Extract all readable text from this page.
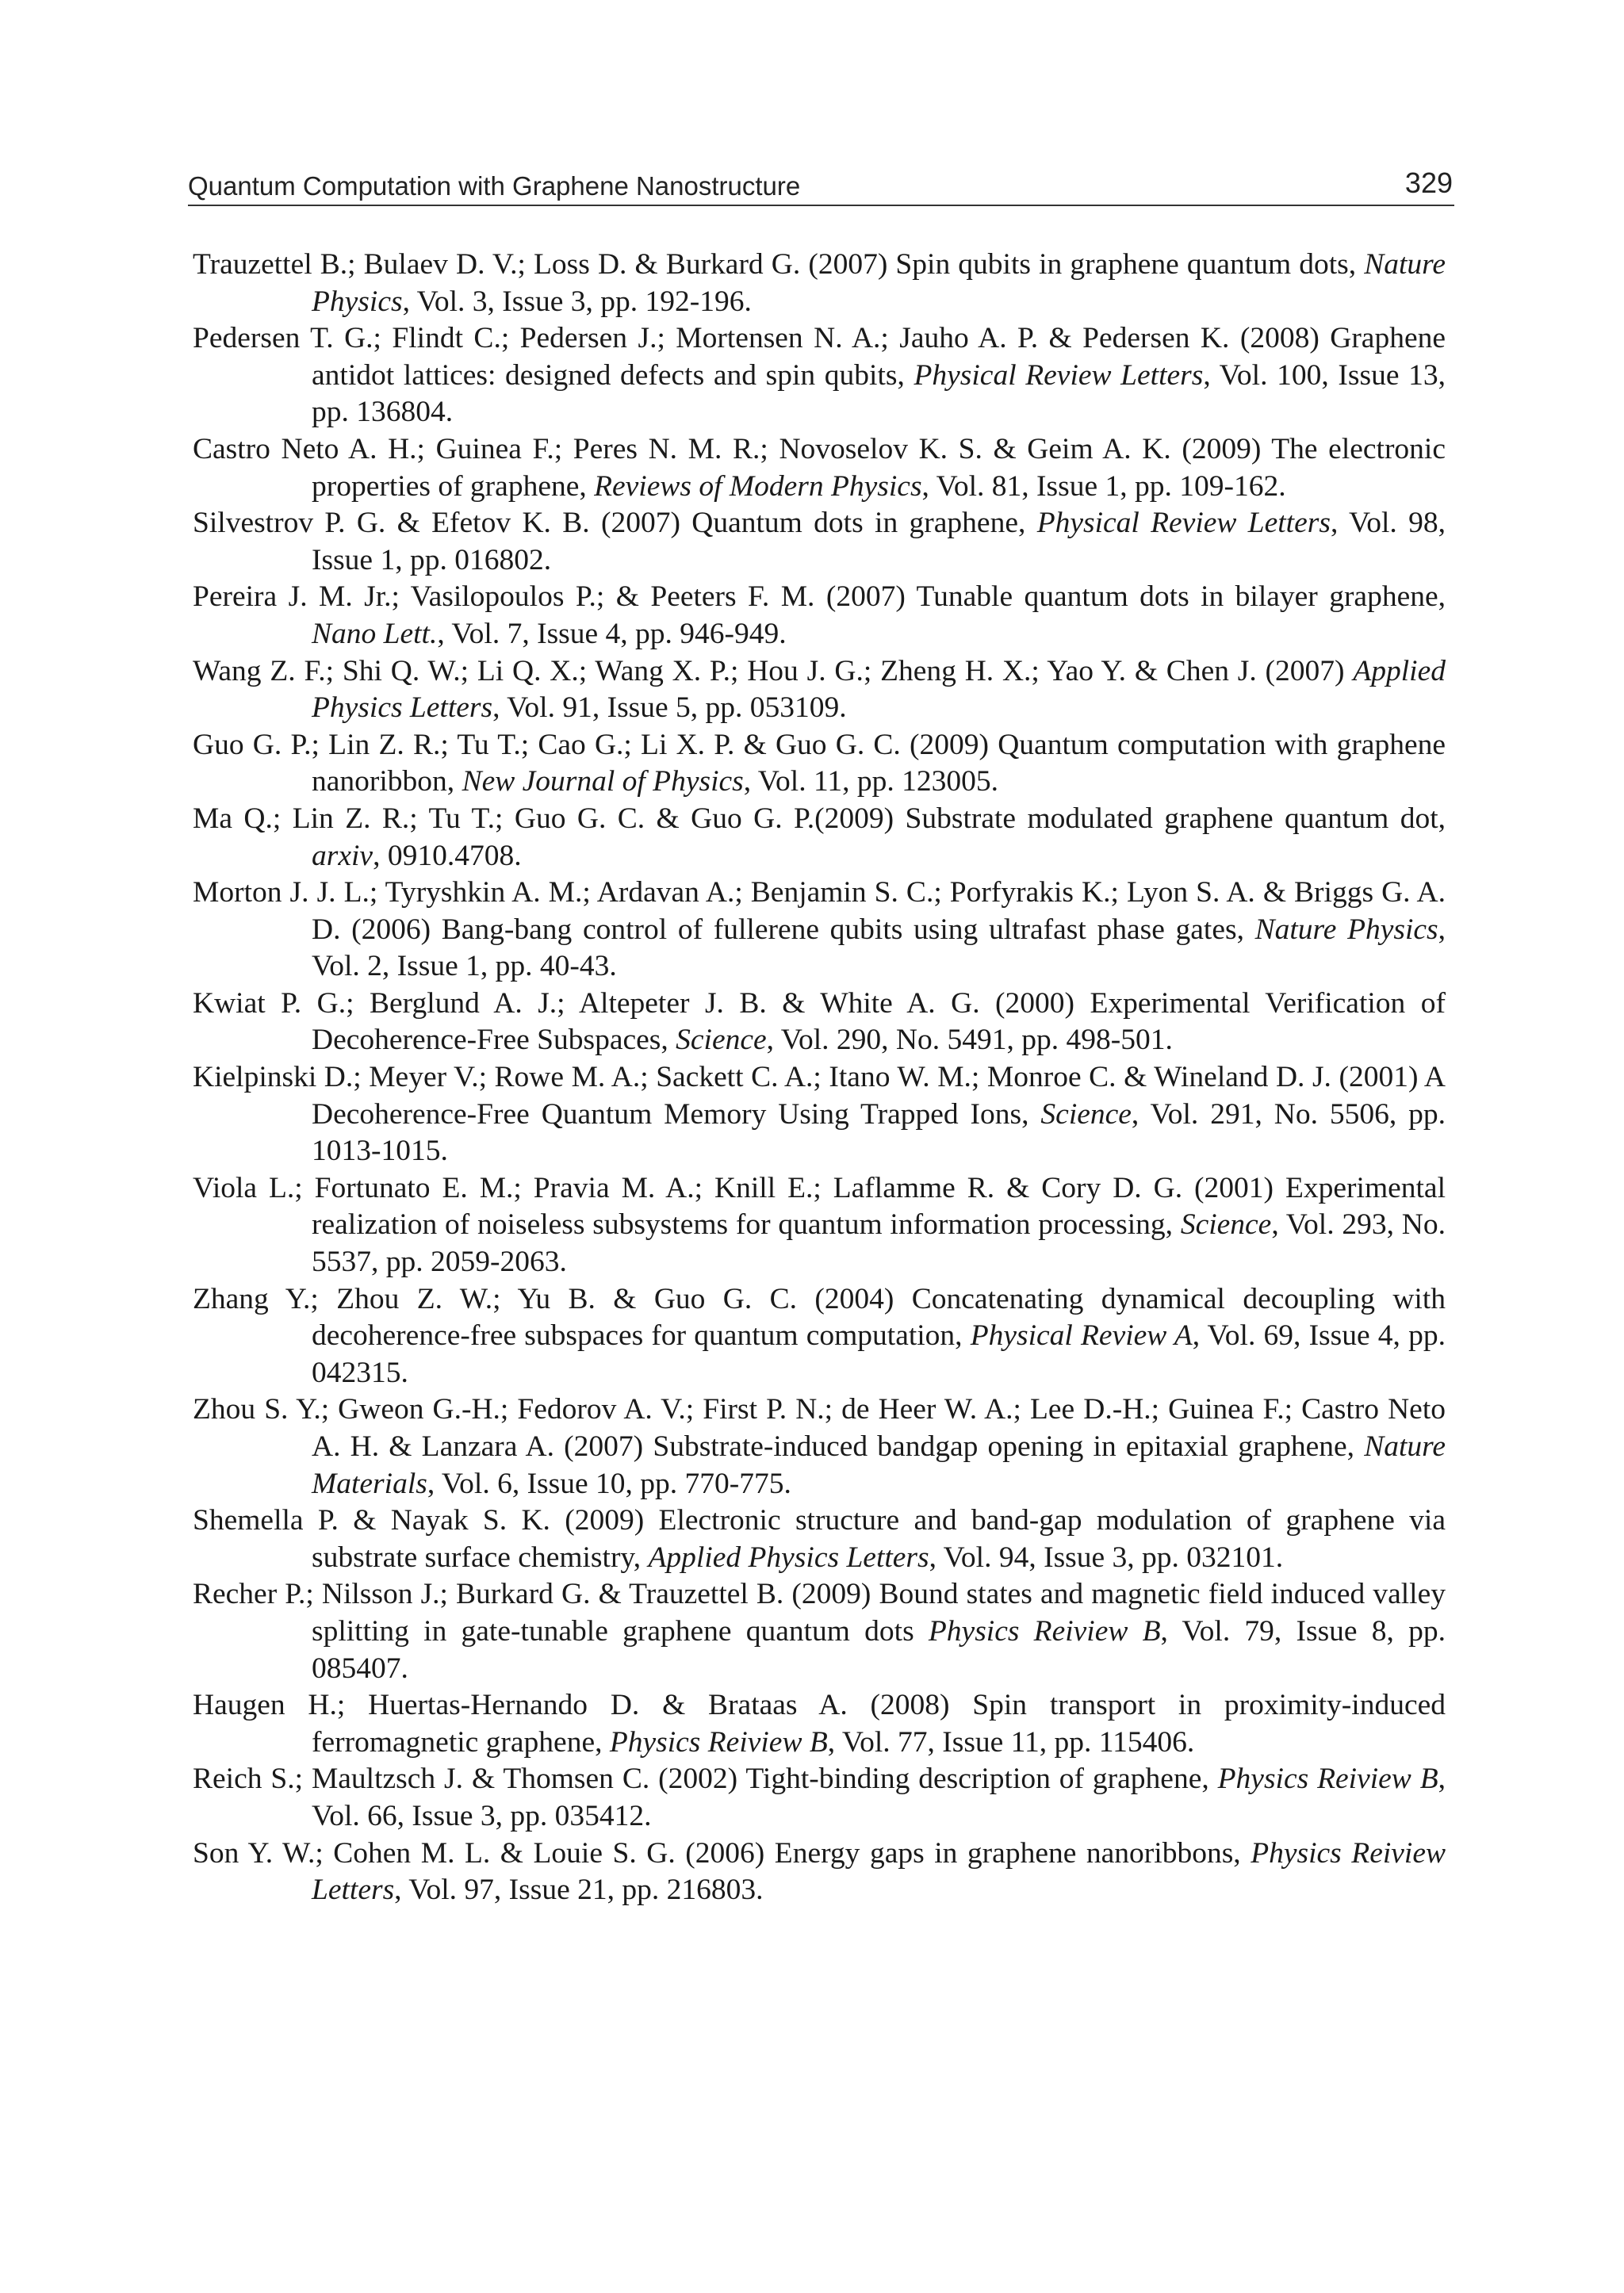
Quantum Computation with Graphene Nanostructure	329
Trauzettel B.; Bulaev D. V.; Loss D. & Burkard G. (2007) Spin qubits in graphene quantum dots, Nature Physics, Vol. 3, Issue 3, pp. 192-196.
Pedersen T. G.; Flindt C.; Pedersen J.; Mortensen N. A.; Jauho A. P. & Pedersen K. (2008) Graphene antidot lattices: designed defects and spin qubits, Physical Review Letters, Vol. 100, Issue 13, pp. 136804.
Castro Neto A. H.; Guinea F.; Peres N. M. R.; Novoselov K. S. & Geim A. K. (2009) The electronic properties of graphene, Reviews of Modern Physics, Vol. 81, Issue 1, pp. 109-162.
Silvestrov P. G. & Efetov K. B. (2007) Quantum dots in graphene, Physical Review Letters, Vol. 98, Issue 1, pp. 016802.
Pereira J. M. Jr.; Vasilopoulos P.; & Peeters F. M. (2007) Tunable quantum dots in bilayer graphene, Nano Lett., Vol. 7, Issue 4, pp. 946-949.
Wang Z. F.; Shi Q. W.; Li Q. X.; Wang X. P.; Hou J. G.; Zheng H. X.; Yao Y. & Chen J. (2007) Applied Physics Letters, Vol. 91, Issue 5, pp. 053109.
Guo G. P.; Lin Z. R.; Tu T.; Cao G.; Li X. P. & Guo G. C. (2009) Quantum computation with graphene nanoribbon, New Journal of Physics, Vol. 11, pp. 123005.
Ma Q.; Lin Z. R.; Tu T.; Guo G. C. & Guo G. P.(2009) Substrate modulated graphene quantum dot, arxiv, 0910.4708.
Morton J. J. L.; Tyryshkin A. M.; Ardavan A.; Benjamin S. C.; Porfyrakis K.; Lyon S. A. & Briggs G. A. D. (2006) Bang-bang control of fullerene qubits using ultrafast phase gates, Nature Physics, Vol. 2, Issue 1, pp. 40-43.
Kwiat P. G.; Berglund A. J.; Altepeter J. B. & White A. G. (2000) Experimental Verification of Decoherence-Free Subspaces, Science, Vol. 290, No. 5491, pp. 498-501.
Kielpinski D.; Meyer V.; Rowe M. A.; Sackett C. A.; Itano W. M.; Monroe C. & Wineland D. J. (2001) A Decoherence-Free Quantum Memory Using Trapped Ions, Science, Vol. 291, No. 5506, pp. 1013-1015.
Viola L.; Fortunato E. M.; Pravia M. A.; Knill E.; Laflamme R. & Cory D. G. (2001) Experimental realization of noiseless subsystems for quantum information processing, Science, Vol. 293, No. 5537, pp. 2059-2063.
Zhang Y.; Zhou Z. W.; Yu B. & Guo G. C. (2004) Concatenating dynamical decoupling with decoherence-free subspaces for quantum computation, Physical Review A, Vol. 69, Issue 4, pp. 042315.
Zhou S. Y.; Gweon G.-H.; Fedorov A. V.; First P. N.; de Heer W. A.; Lee D.-H.; Guinea F.; Castro Neto A. H. & Lanzara A. (2007) Substrate-induced bandgap opening in epitaxial graphene, Nature Materials, Vol. 6, Issue 10, pp. 770-775.
Shemella P. & Nayak S. K. (2009) Electronic structure and band-gap modulation of graphene via substrate surface chemistry, Applied Physics Letters, Vol. 94, Issue 3, pp. 032101.
Recher P.; Nilsson J.; Burkard G. & Trauzettel B. (2009) Bound states and magnetic field induced valley splitting in gate-tunable graphene quantum dots Physics Reiview B, Vol. 79, Issue 8, pp. 085407.
Haugen H.; Huertas-Hernando D. & Brataas A. (2008) Spin transport in proximity-induced ferromagnetic graphene, Physics Reiview B, Vol. 77, Issue 11, pp. 115406.
Reich S.; Maultzsch J. & Thomsen C. (2002) Tight-binding description of graphene, Physics Reiview B, Vol. 66, Issue 3, pp. 035412.
Son Y. W.; Cohen M. L. & Louie S. G. (2006) Energy gaps in graphene nanoribbons, Physics Reiview Letters, Vol. 97, Issue 21, pp. 216803.
